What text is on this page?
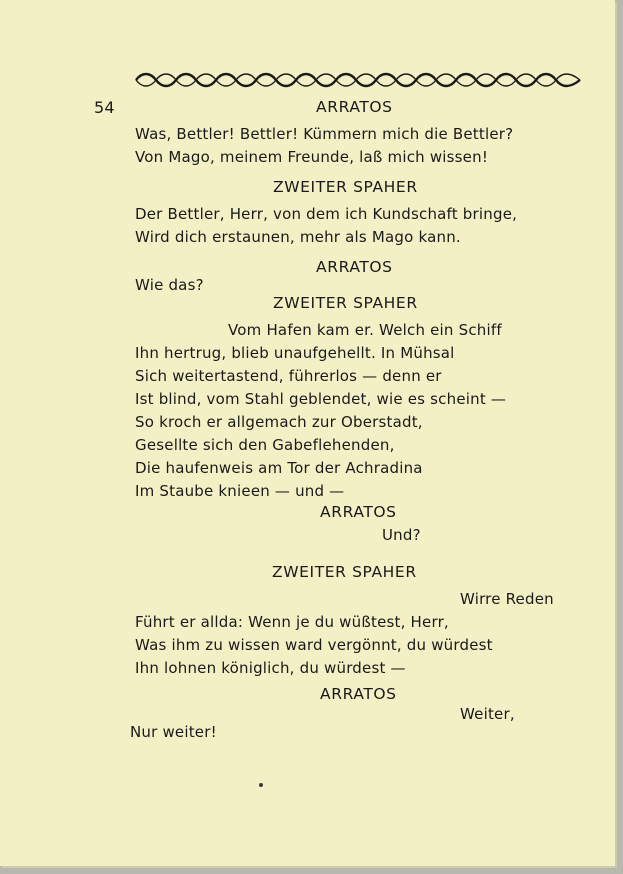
54	ARRATOS
Was, Bettler! Bettler! Kümmern mich die Bettler?
Von Mago, meinem Freunde, laß mich wissen!
ZWEITER SPAHER
Der Bettler, Herr, von dem ich Kundschaft bringe,
Wird dich erstaunen, mehr als Mago kann.
ARRATOS
Wie das?
ZWEITER SPAHER
Vom Hafen kam er. Welch ein Schiff
Ihn hertrug, blieb unaufgehellt. In Mühsal
Sich weitertastend, führerlos — denn er
Ist blind, vom Stahl geblendet, wie es scheint —
So kroch er allgemach zur Oberstadt,
Gesellte sich den Gabeflehenden,
Die haufenweis am Tor der Achradina
Im Staube knieen — und —
ARRATOS
Und?
ZWEITER SPAHER
Wirre Reden
Führt er allda: Wenn je du wüßtest, Herr,
Was ihm zu wissen ward vergönnt, du würdest
Ihn lohnen königlich, du würdest —
ARRATOS
Weiter,
Nur weiter!
